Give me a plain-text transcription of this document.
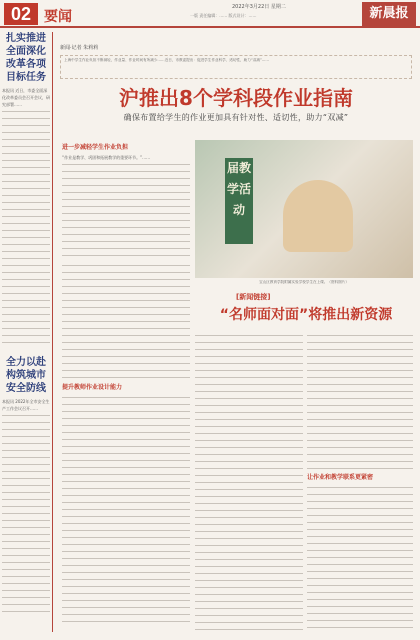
02 要闻
2022年3月22日 星期二
一版 责任编辑：…… 版式设计：……	新晨报
扎实推进全面深化改革各项目标任务
本报讯 近日，市委全面深化改革委员会召开会议，研究部署……
全力以赴构筑城市安全防线
本报讯 2022年全市安全生产工作会议召开……
新闻·记者 朱莉莉
上海中学生作业负担不断减轻，作业量、作业时间有所减少……近日，市教委提出：促进学生作业科学、适切性，助力“双减”……
沪推出8个学科段作业指南
确保布置给学生的作业更加具有针对性、适切性，助力“双减”
进一步减轻学生作业负担
“作业是教学、巩固和拓展教学的重要环节。”……
届教学活动
宝山区教育学院附属实验学校学生在上课。（资料图片）
提升教师作业设计能力
[新闻链接]
“名师面对面”将推出新资源
让作业和教学联系更紧密
